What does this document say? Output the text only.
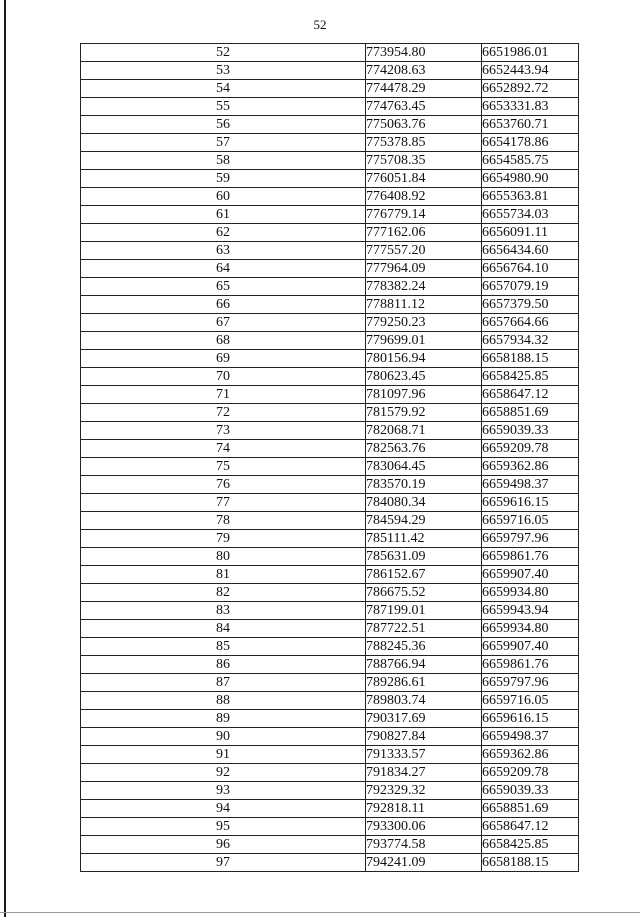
52
52	773954.80	6651986.01
53	774208.63	6652443.94
54	774478.29	6652892.72
55	774763.45	6653331.83
56	775063.76	6653760.71
57	775378.85	6654178.86
58	775708.35	6654585.75
59	776051.84	6654980.90
60	776408.92	6655363.81
61	776779.14	6655734.03
62	777162.06	6656091.11
63	777557.20	6656434.60
64	777964.09	6656764.10
65	778382.24	6657079.19
66	778811.12	6657379.50
67	779250.23	6657664.66
68	779699.01	6657934.32
69	780156.94	6658188.15
70	780623.45	6658425.85
71	781097.96	6658647.12
72	781579.92	6658851.69
73	782068.71	6659039.33
74	782563.76	6659209.78
75	783064.45	6659362.86
76	783570.19	6659498.37
77	784080.34	6659616.15
78	784594.29	6659716.05
79	785111.42	6659797.96
80	785631.09	6659861.76
81	786152.67	6659907.40
82	786675.52	6659934.80
83	787199.01	6659943.94
84	787722.51	6659934.80
85	788245.36	6659907.40
86	788766.94	6659861.76
87	789286.61	6659797.96
88	789803.74	6659716.05
89	790317.69	6659616.15
90	790827.84	6659498.37
91	791333.57	6659362.86
92	791834.27	6659209.78
93	792329.32	6659039.33
94	792818.11	6658851.69
95	793300.06	6658647.12
96	793774.58	6658425.85
97	794241.09	6658188.15
